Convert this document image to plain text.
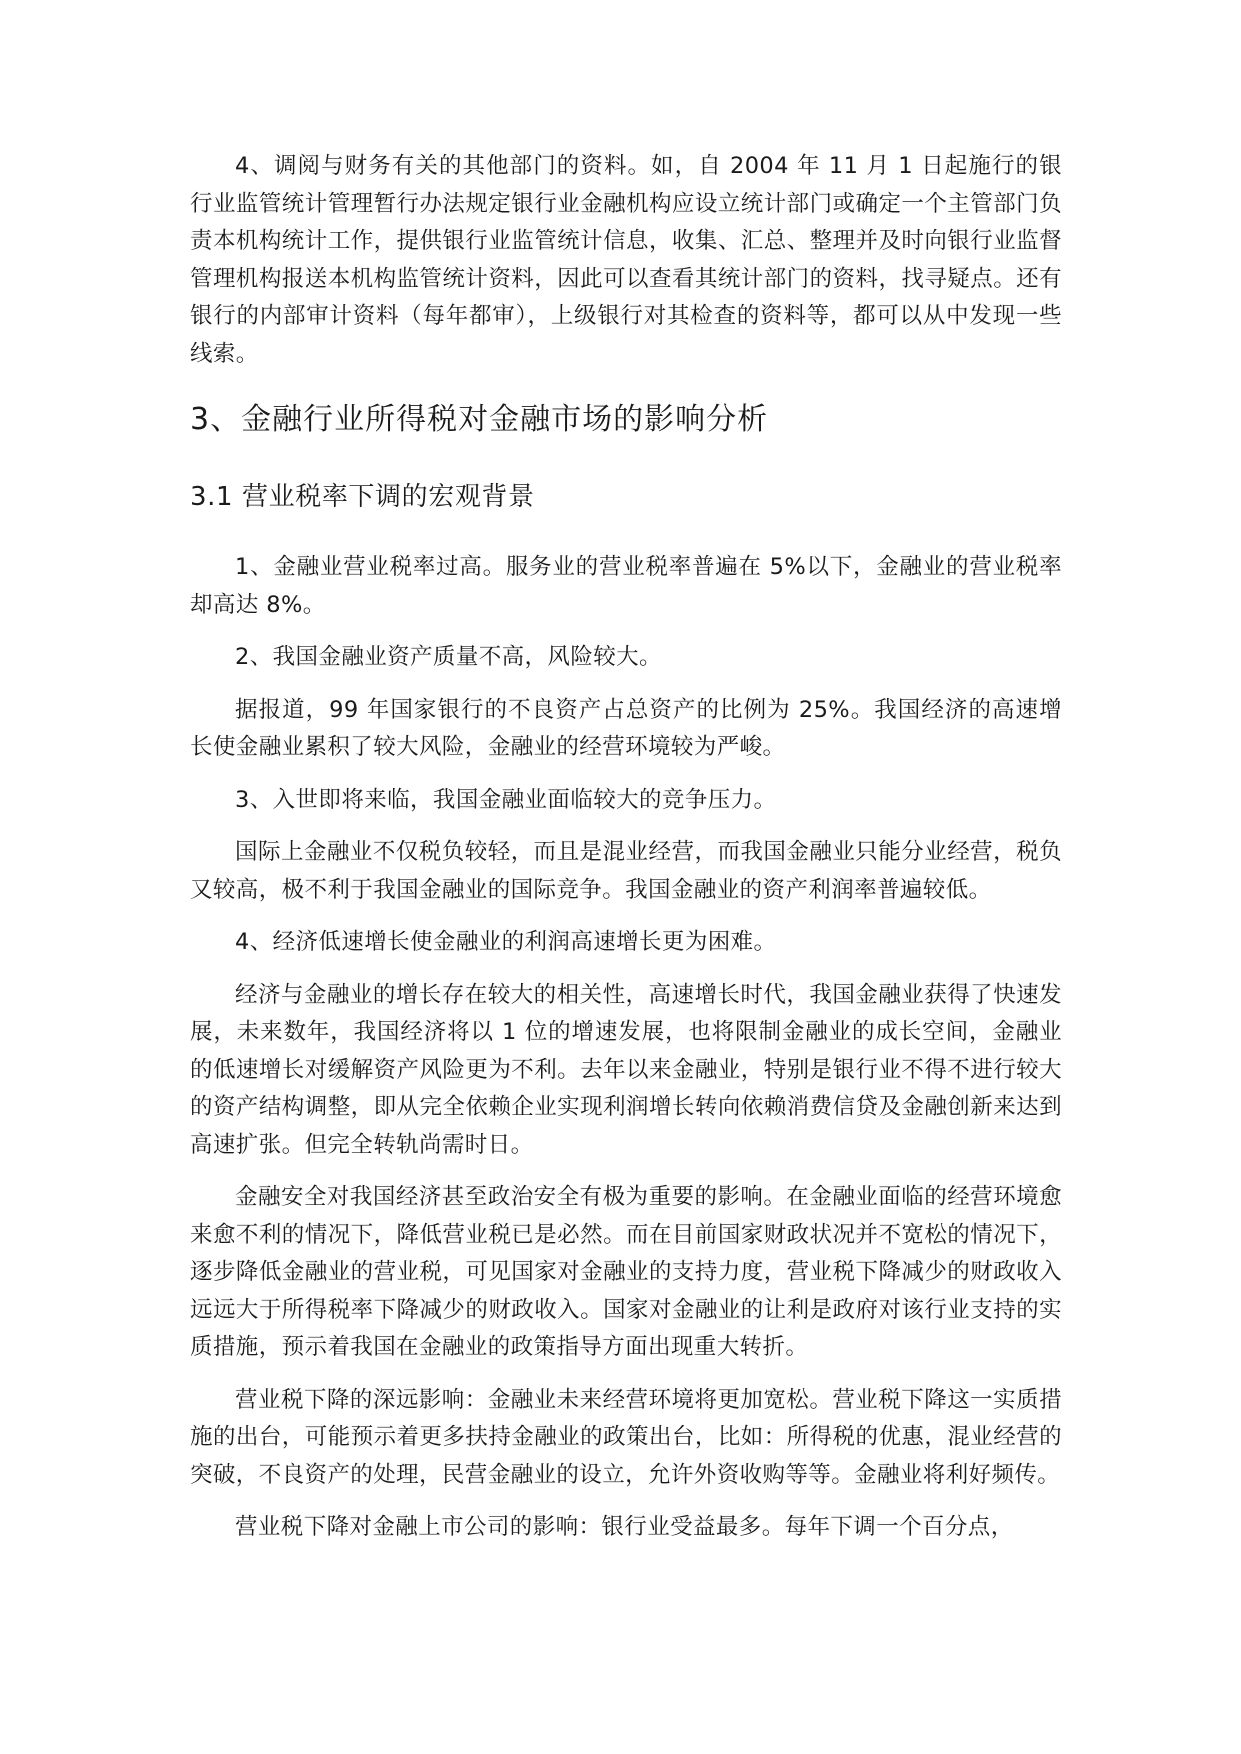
4、调阅与财务有关的其他部门的资料。如，自 2004 年 11 月 1 日起施行的银行业监管统计管理暂行办法规定银行业金融机构应设立统计部门或确定一个主管部门负责本机构统计工作，提供银行业监管统计信息，收集、汇总、整理并及时向银行业监督管理机构报送本机构监管统计资料，因此可以查看其统计部门的资料，找寻疑点。还有银行的内部审计资料（每年都审），上级银行对其检查的资料等，都可以从中发现一些线索。

3、金融行业所得税对金融市场的影响分析
3.1 营业税率下调的宏观背景

1、金融业营业税率过高。服务业的营业税率普遍在 5%以下，金融业的营业税率却高达 8%。

2、我国金融业资产质量不高，风险较大。

据报道，99 年国家银行的不良资产占总资产的比例为 25%。我国经济的高速增长使金融业累积了较大风险，金融业的经营环境较为严峻。

3、入世即将来临，我国金融业面临较大的竞争压力。

国际上金融业不仅税负较轻，而且是混业经营，而我国金融业只能分业经营，税负又较高，极不利于我国金融业的国际竞争。我国金融业的资产利润率普遍较低。

4、经济低速增长使金融业的利润高速增长更为困难。

经济与金融业的增长存在较大的相关性，高速增长时代，我国金融业获得了快速发展，未来数年，我国经济将以 1 位的增速发展，也将限制金融业的成长空间，金融业的低速增长对缓解资产风险更为不利。去年以来金融业，特别是银行业不得不进行较大的资产结构调整，即从完全依赖企业实现利润增长转向依赖消费信贷及金融创新来达到高速扩张。但完全转轨尚需时日。

金融安全对我国经济甚至政治安全有极为重要的影响。在金融业面临的经营环境愈来愈不利的情况下，降低营业税已是必然。而在目前国家财政状况并不宽松的情况下，逐步降低金融业的营业税，可见国家对金融业的支持力度，营业税下降减少的财政收入远远大于所得税率下降减少的财政收入。国家对金融业的让利是政府对该行业支持的实质措施，预示着我国在金融业的政策指导方面出现重大转折。

营业税下降的深远影响：金融业未来经营环境将更加宽松。营业税下降这一实质措施的出台，可能预示着更多扶持金融业的政策出台，比如：所得税的优惠，混业经营的突破，不良资产的处理，民营金融业的设立，允许外资收购等等。金融业将利好频传。

营业税下降对金融上市公司的影响：银行业受益最多。每年下调一个百分点，
